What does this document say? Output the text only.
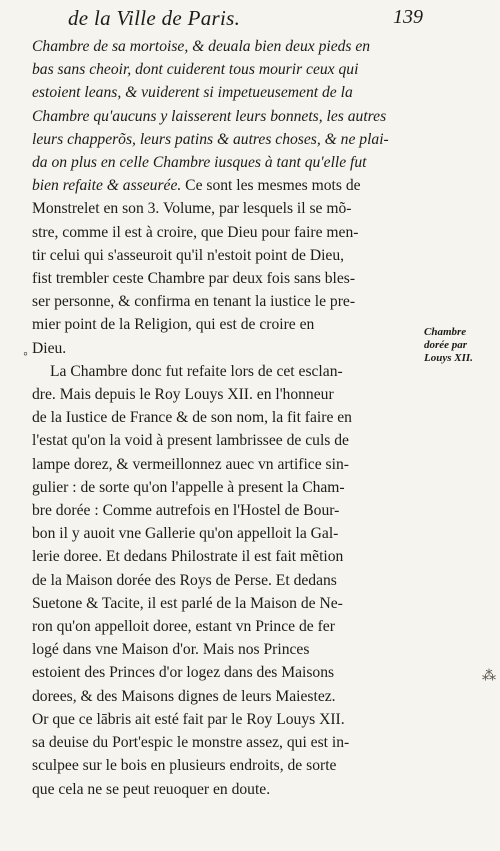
de la Ville de Paris.	139
Chambre de sa mortoise, & deuala bien deux pieds en
bas sans cheoir, dont cuiderent tous mourir ceux qui
estoient leans, & vuiderent si impetueusement de la
Chambre qu'aucuns y laisserent leurs bonnets, les autres
leurs chapperõs, leurs patins & autres choses, & ne plai-
da on plus en celle Chambre iusques à tant qu'elle fut
bien refaite & asseurée. Ce sont les mesmes mots de
Monstrelet en son 3. Volume, par lesquels il se mõ-
stre, comme il est à croire, que Dieu pour faire men-
tir celui qui s'asseuroit qu'il n'estoit point de Dieu,
fist trembler ceste Chambre par deux fois sans bles-
ser personne, & confirma en tenant la iustice le pre-
mier point de la Religion, qui est de croire en
Dieu.
La Chambre donc fut refaite lors de cet esclan-
dre. Mais depuis le Roy Louys XII. en l'honneur
de la Iustice de France & de son nom, la fit faire en
l'estat qu'on la void à present lambrissee de culs de
lampe dorez, & vermeillonnez auec vn artifice sin-
gulier : de sorte qu'on l'appelle à present la Cham-
bre dorée : Comme autrefois en l'Hostel de Bour-
bon il y auoit vne Gallerie qu'on appelloit la Gal-
lerie doree. Et dedans Philostrate il est fait mẽtion
de la Maison dorée des Roys de Perse. Et dedans
Suetone & Tacite, il est parlé de la Maison de Ne-
ron qu'on appelloit doree, estant vn Prince de fer
logé dans vne Maison d'or. Mais nos Princes
estoient des Princes d'or logez dans des Maisons
dorees, & des Maisons dignes de leurs Maiestez.
Or que ce lābris ait esté fait par le Roy Louys XII.
sa deuise du Port'espic le monstre assez, qui est in-
sculpee sur le bois en plusieurs endroits, de sorte
que cela ne se peut reuoquer en doute.
Chambre
dorée par
Louys XII.
◦
⁂
